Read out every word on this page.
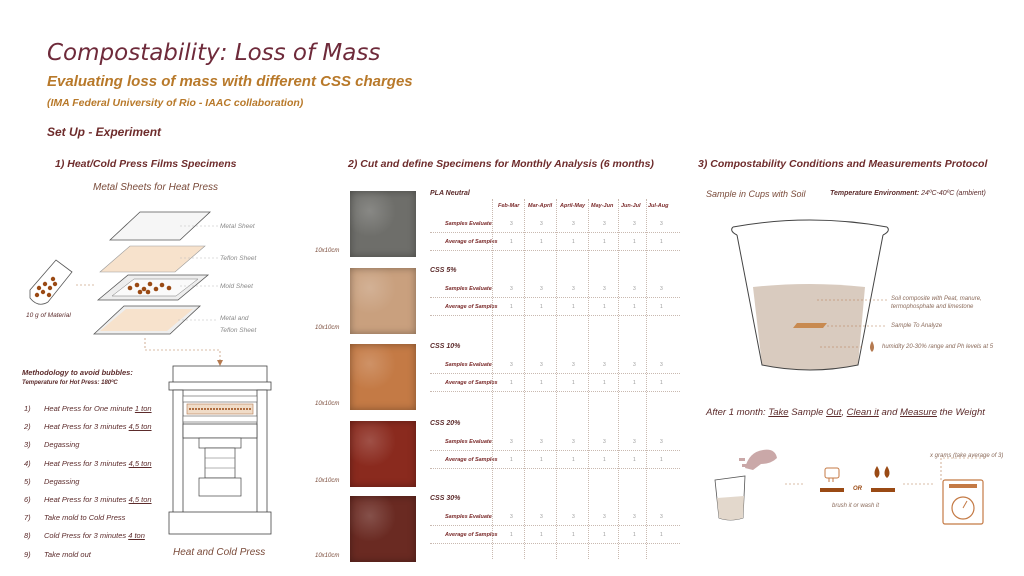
Compostability: Loss of Mass
Evaluating loss of mass with different CSS charges
(IMA Federal University of Rio - IAAC collaboration)
Set Up - Experiment
1) Heat/Cold Press Films Specimens
Metal Sheets for Heat Press
Metal Sheet
Teflon Sheet
Mold Sheet
Metal and
Teflon Sheet
10 g of Material
Methodology to avoid bubbles:
Temperature for Hot Press: 180ºC
1) Heat Press for One minute 1 ton
2) Heat Press for 3 minutes 4,5 ton
3) Degassing
4) Heat Press for 3 minutes 4,5 ton
5) Degassing
6) Heat Press for 3 minutes 4,5 ton
7) Take mold to Cold Press
8) Cold Press for 3 minutes 4 ton
9) Take mold out	Heat and Cold Press
2) Cut and define Specimens for Monthly Analysis (6 months)
Feb-Mar Mar-April April-May May-Jun Jun-Jul Jul-Aug
10x10cm
PLA Neutral
Samples Evaluate	3	3	3	3	3	3
Average of Samples 1	1	1	1	1	1
10x10cm
CSS 5%
Samples Evaluate	3	3	3	3	3	3
Average of Samples 1	1	1	1	1	1
10x10cm
CSS 10%
Samples Evaluate	3	3	3	3	3	3
Average of Samples 1	1	1	1	1	1
10x10cm
CSS 20%
Samples Evaluate	3	3	3	3	3	3
Average of Samples 1	1	1	1	1	1
10x10cm
CSS 30%
Samples Evaluate	3	3	3	3	3	3
Average of Samples 1	1	1	1	1	1
3) Compostability Conditions and Measurements Protocol
Sample in Cups with Soil	Temperature Environment: 24ºC-40ºC (ambient)
Soil composite with Peat, manure,
termophosphate and limestone
Sample To Analyze
humidity 20-30% range and Ph levels at 5
After 1 month: Take Sample Out, Clean it and Measure the Weight
OR
brush it or wash it
x grams (take average of 3)
